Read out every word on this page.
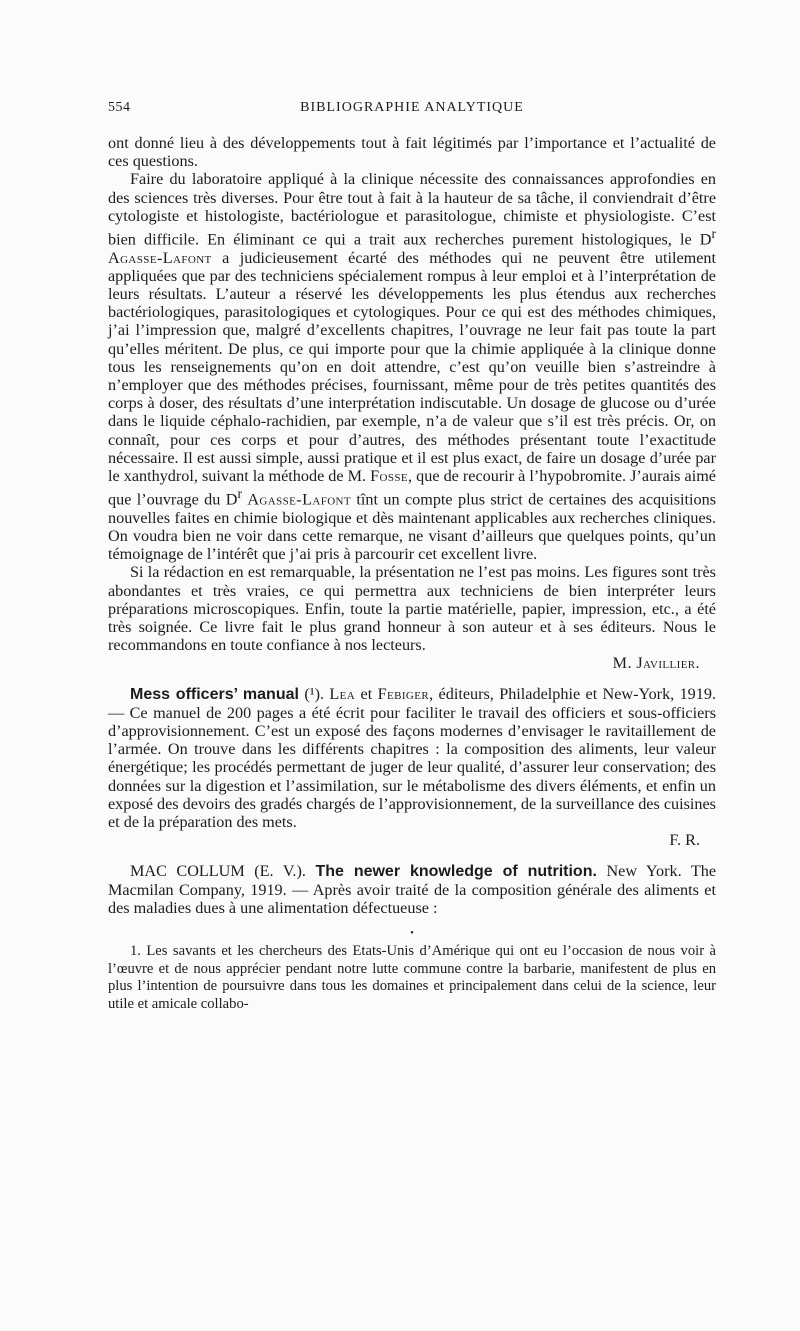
554	BIBLIOGRAPHIE ANALYTIQUE

ont donné lieu à des développements tout à fait légitimés par l’importance et l’actualité de ces questions.

Faire du laboratoire appliqué à la clinique nécessite des connaissances approfondies en des sciences très diverses. Pour être tout à fait à la hauteur de sa tâche, il conviendrait d’être cytologiste et histologiste, bactériologue et parasitologue, chimiste et physiologiste. C’est bien difficile. En éliminant ce qui a trait aux recherches purement histologiques, le $D^r$ Agasse-Lafont a judicieusement écarté des méthodes qui ne peuvent être utilement appliquées que par des techniciens spécialement rompus à leur emploi et à l’interprétation de leurs résultats. L’auteur a réservé les développements les plus étendus aux recherches bactériologiques, parasitologiques et cytologiques. Pour ce qui est des méthodes chimiques, j’ai l’impression que, malgré d’excellents chapitres, l’ouvrage ne leur fait pas toute la part qu’elles méritent. De plus, ce qui importe pour que la chimie appliquée à la clinique donne tous les renseignements qu’on en doit attendre, c’est qu’on veuille bien s’astreindre à n’employer que des méthodes précises, fournissant, même pour de très petites quantités des corps à doser, des résultats d’une interprétation indiscutable. Un dosage de glucose ou d’urée dans le liquide céphalo-rachidien, par exemple, n’a de valeur que s’il est très précis. Or, on connaît, pour ces corps et pour d’autres, des méthodes présentant toute l’exactitude nécessaire. Il est aussi simple, aussi pratique et il est plus exact, de faire un dosage d’urée par le xanthydrol, suivant la méthode de M. Fosse, que de recourir à l’hypobromite. J’aurais aimé que l’ouvrage du $D^r$ Agasse-Lafont tînt un compte plus strict de certaines des acquisitions nouvelles faites en chimie biologique et dès maintenant applicables aux recherches cliniques. On voudra bien ne voir dans cette remarque, ne visant d’ailleurs que quelques points, qu’un témoignage de l’intérêt que j’ai pris à parcourir cet excellent livre.

Si la rédaction en est remarquable, la présentation ne l’est pas moins. Les figures sont très abondantes et très vraies, ce qui permettra aux techniciens de bien interpréter leurs préparations microscopiques. Enfin, toute la partie matérielle, papier, impression, etc., a été très soignée. Ce livre fait le plus grand honneur à son auteur et à ses éditeurs. Nous le recommandons en toute confiance à nos lecteurs.
M. Javillier.

Mess officers’ manual (¹). Lea et Febiger, éditeurs, Philadelphie et New-York, 1919. — Ce manuel de 200 pages a été écrit pour faciliter le travail des officiers et sous-officiers d’approvisionnement. C’est un exposé des façons modernes d’envisager le ravitaillement de l’armée. On trouve dans les différents chapitres : la composition des aliments, leur valeur énergétique; les procédés permettant de juger de leur qualité, d’assurer leur conservation; des données sur la digestion et l’assimilation, sur le métabolisme des divers éléments, et enfin un exposé des devoirs des gradés chargés de l’approvisionnement, de la surveillance des cuisines et de la préparation des mets.
F. R.

MAC COLLUM (E. V.). The newer knowledge of nutrition. New York. The Macmilan Company, 1919. — Après avoir traité de la composition générale des aliments et des maladies dues à une alimentation défectueuse :

•

1. Les savants et les chercheurs des Etats-Unis d’Amérique qui ont eu l’occasion de nous voir à l’œuvre et de nous apprécier pendant notre lutte commune contre la barbarie, manifestent de plus en plus l’intention de poursuivre dans tous les domaines et principalement dans celui de la science, leur utile et amicale collabo-
